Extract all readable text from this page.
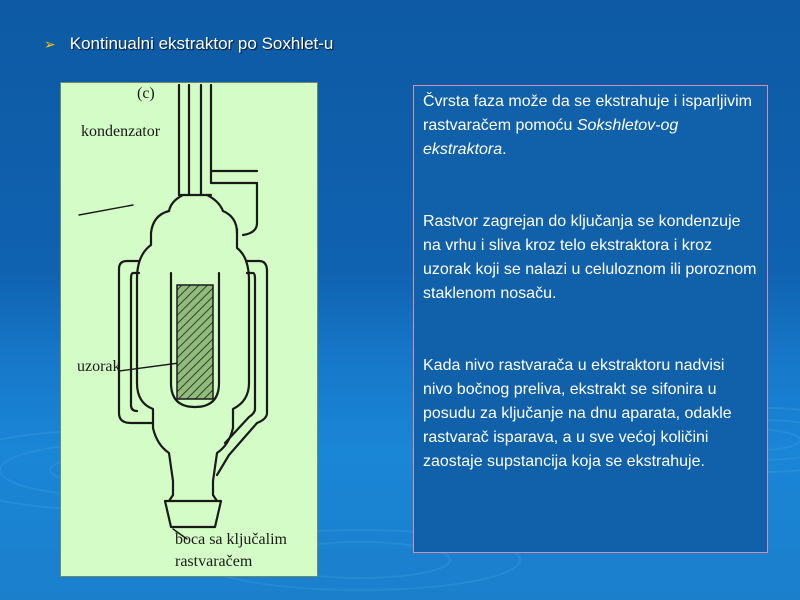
➢ Kontinualni ekstraktor po Soxhlet-u
(c)
kondenzator
uzorak
boca sa ključalim
rastvaračem

Čvrsta faza može da se ekstrahuje i isparljivim rastvaračem pomoću Sokshletov-og ekstraktora.

Rastvor zagrejan do ključanja se kondenzuje na vrhu i sliva kroz telo ekstraktora i kroz uzorak koji se nalazi u celuloznom ili poroznom staklenom nosaču.

Kada nivo rastvarača u ekstraktoru nadvisi nivo bočnog preliva, ekstrakt se sifonira u posudu za ključanje na dnu aparata, odakle rastvarač isparava, a u sve većoj količini zaostaje supstancija koja se ekstrahuje.
